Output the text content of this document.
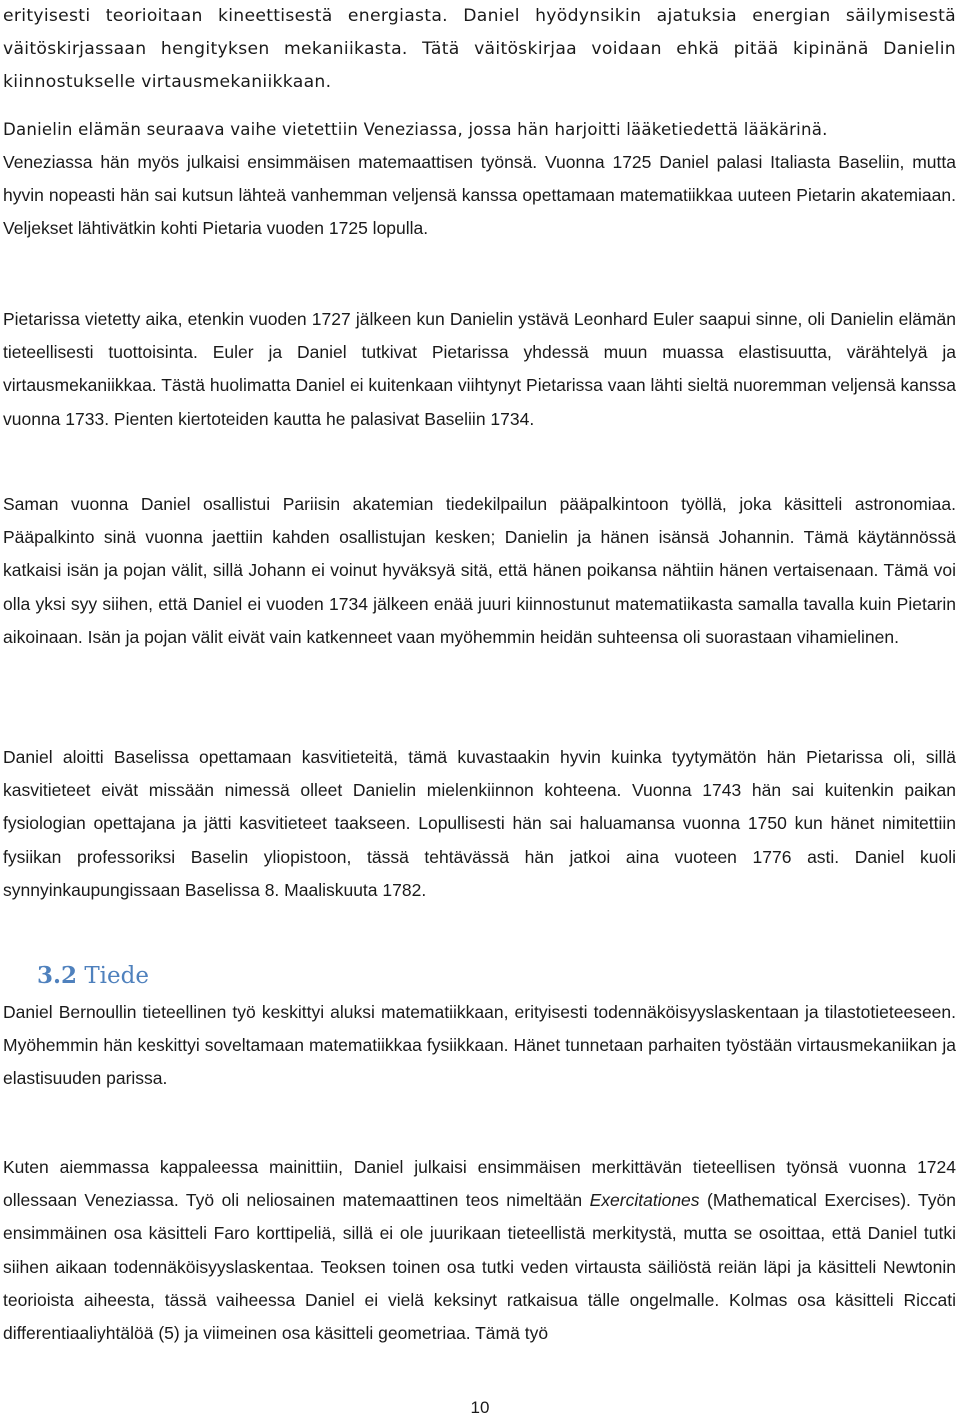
erityisesti teorioitaan kineettisestä energiasta. Daniel hyödynsikin ajatuksia energian säilymisestä väitöskirjassaan hengityksen mekaniikasta. Tätä väitöskirjaa voidaan ehkä pitää kipinänä Danielin kiinnostukselle virtausmekaniikkaan.

Danielin elämän seuraava vaihe vietettiin Veneziassa, jossa hän harjoitti lääketiedettä lääkärinä.

Veneziassa hän myös julkaisi ensimmäisen matemaattisen työnsä. Vuonna 1725 Daniel palasi Italiasta Baseliin, mutta hyvin nopeasti hän sai kutsun lähteä vanhemman veljensä kanssa opettamaan matematiikkaa uuteen Pietarin akatemiaan. Veljekset lähtivätkin kohti Pietaria vuoden 1725 lopulla.

Pietarissa vietetty aika, etenkin vuoden 1727 jälkeen kun Danielin ystävä Leonhard Euler saapui sinne, oli Danielin elämän tieteellisesti tuottoisinta. Euler ja Daniel tutkivat Pietarissa yhdessä muun muassa elastisuutta, värähtelyä ja virtausmekaniikkaa. Tästä huolimatta Daniel ei kuitenkaan viihtynyt Pietarissa vaan lähti sieltä nuoremman veljensä kanssa vuonna 1733. Pienten kiertoteiden kautta he palasivat Baseliin 1734.

Saman vuonna Daniel osallistui Pariisin akatemian tiedekilpailun pääpalkintoon työllä, joka käsitteli astronomiaa. Pääpalkinto sinä vuonna jaettiin kahden osallistujan kesken; Danielin ja hänen isänsä Johannin. Tämä käytännössä katkaisi isän ja pojan välit, sillä Johann ei voinut hyväksyä sitä, että hänen poikansa nähtiin hänen vertaisenaan. Tämä voi olla yksi syy siihen, että Daniel ei vuoden 1734 jälkeen enää juuri kiinnostunut matematiikasta samalla tavalla kuin Pietarin aikoinaan. Isän ja pojan välit eivät vain katkenneet vaan myöhemmin heidän suhteensa oli suorastaan vihamielinen.

Daniel aloitti Baselissa opettamaan kasvitieteitä, tämä kuvastaakin hyvin kuinka tyytymätön hän Pietarissa oli, sillä kasvitieteet eivät missään nimessä olleet Danielin mielenkiinnon kohteena. Vuonna 1743 hän sai kuitenkin paikan fysiologian opettajana ja jätti kasvitieteet taakseen. Lopullisesti hän sai haluamansa vuonna 1750 kun hänet nimitettiin fysiikan professoriksi Baselin yliopistoon, tässä tehtävässä hän jatkoi aina vuoteen 1776 asti. Daniel kuoli synnyinkaupungissaan Baselissa 8. Maaliskuuta 1782.

3.2 Tiede

Daniel Bernoullin tieteellinen työ keskittyi aluksi matematiikkaan, erityisesti todennäköisyyslaskentaan ja tilastotieteeseen. Myöhemmin hän keskittyi soveltamaan matematiikkaa fysiikkaan. Hänet tunnetaan parhaiten työstään virtausmekaniikan ja elastisuuden parissa.

Kuten aiemmassa kappaleessa mainittiin, Daniel julkaisi ensimmäisen merkittävän tieteellisen työnsä vuonna 1724 ollessaan Veneziassa. Työ oli neliosainen matemaattinen teos nimeltään Exercitationes (Mathematical Exercises). Työn ensimmäinen osa käsitteli Faro korttipeliä, sillä ei ole juurikaan tieteellistä merkitystä, mutta se osoittaa, että Daniel tutki siihen aikaan todennäköisyyslaskentaa. Teoksen toinen osa tutki veden virtausta säiliöstä reiän läpi ja käsitteli Newtonin teorioista aiheesta, tässä vaiheessa Daniel ei vielä keksinyt ratkaisua tälle ongelmalle. Kolmas osa käsitteli Riccati differentiaaliyhtälöä (5) ja viimeinen osa käsitteli geometriaa. Tämä työ

10
